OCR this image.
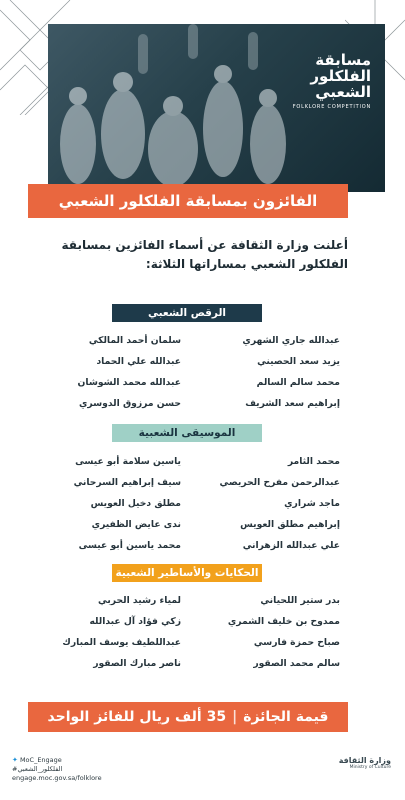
مسابقة
الفلكلور
الشعبي
FOLKLORE COMPETITION
الفائزون بمسابقة الفلكلور الشعبي
أعلنت وزارة الثقافة عن أسماء الفائزين بمسابقة
الفلكلور الشعبي بمساراتها الثلاثة:
الرقص الشعبي
عبدالله جاري الشهري
سلمان أحمد المالكي
يزيد سعد الحصيني
عبدالله علي الحماد
محمد سالم السالم
عبدالله محمد الشوشان
إبراهيم سعد الشريف
حسن مرزوق الدوسري
الموسيقى الشعبية
محمد الثامر
ياسين سلامة أبو عيسى
عبدالرحمن مفرح الحريصي
سيف إبراهيم السرحاني
ماجد شراري
مطلق دخيل العويس
إبراهيم مطلق العويس
ندى عايض الظفيري
علي عبدالله الزهراني
محمد ياسين أبو عيسى
الحكايات والأساطير الشعبية
بدر ستير اللحياني
لمياء رشيد الحربي
ممدوح بن خليف الشمري
زكي فؤاد آل عبدالله
صباح حمزة فارسي
عبداللطيف يوسف المبارك
سالم محمد الصقور
ناصر مبارك الصقور
قيمة الجائزة|35 ألف ريال للفائز الواحد
✦ MoC_Engage
#الفلكلور_الشعبي
engage.moc.gov.sa/folklore
وزارة الثقافة
Ministry of Culture
